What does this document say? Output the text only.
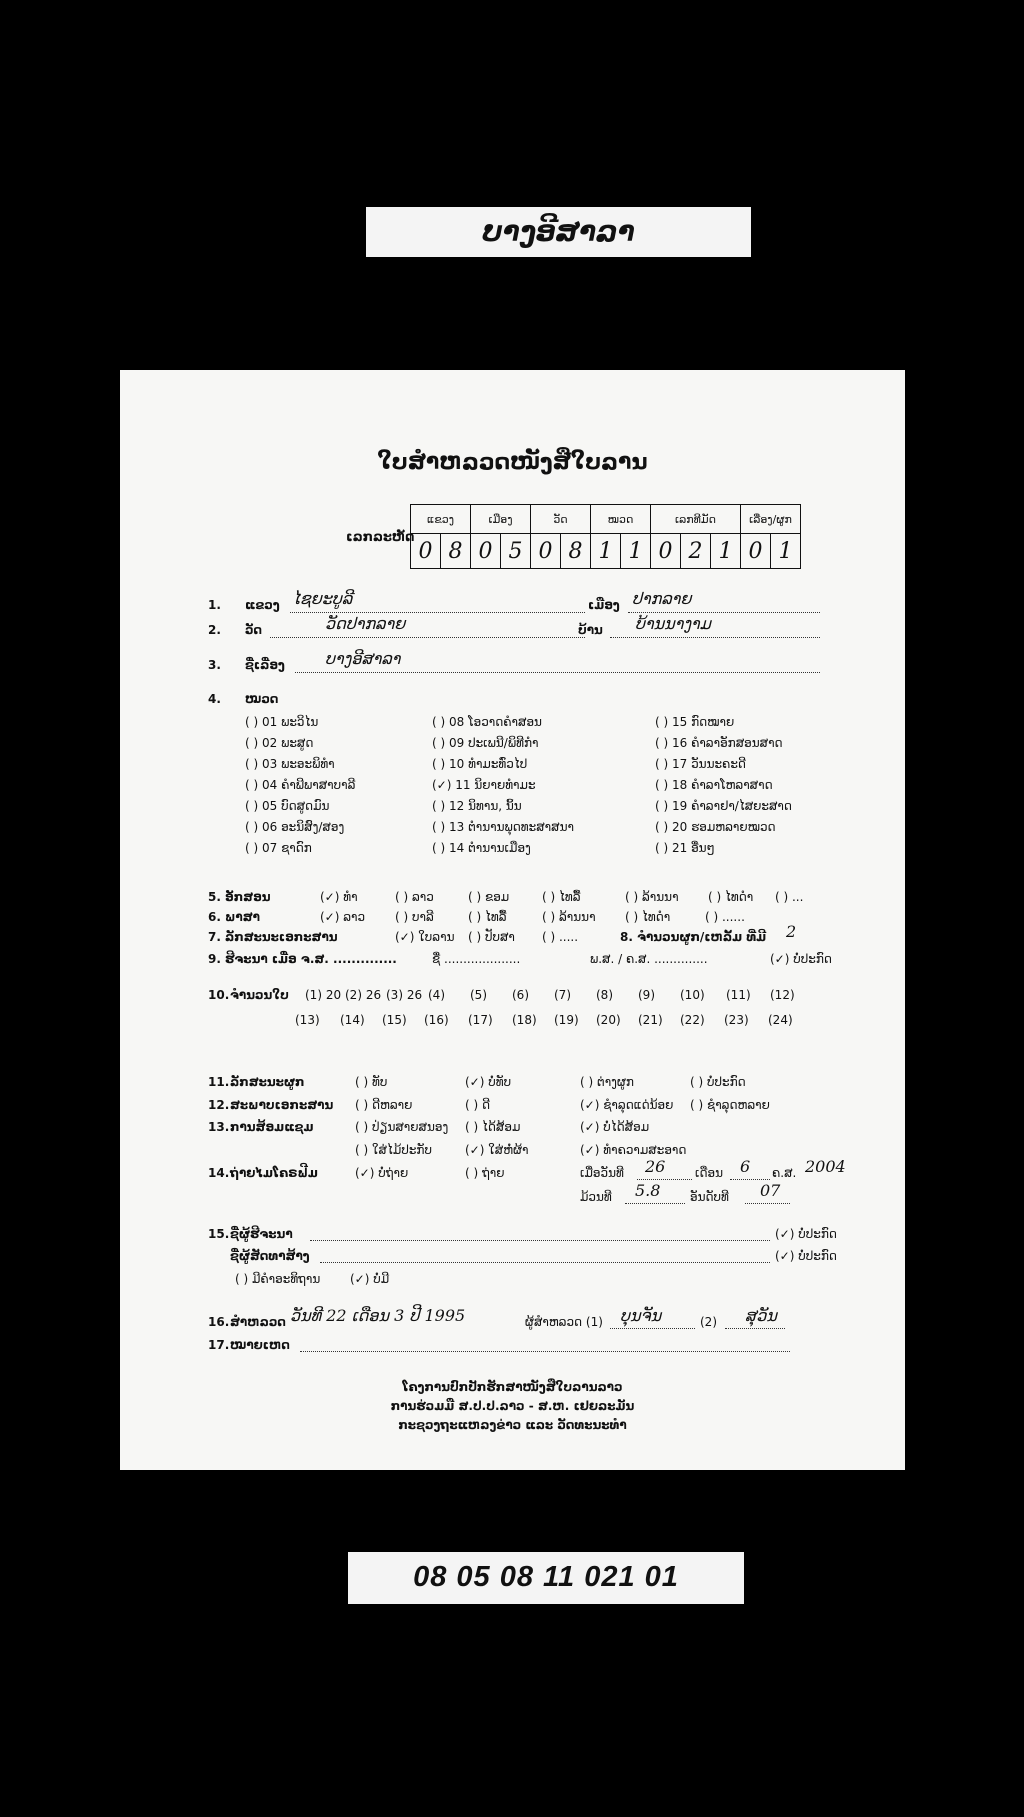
ບາງອີສາລາ
ໃບສຳຫລວດໜັງສືໃບລານ
ເລກລະຫັດ
ແຂວງ		ເມືອງ		ວັດ		ໝວດ		ເລກທີມັດ			ເລື່ອງ/ຜູກ	
0	8	0	5	0	8	1	1	0	2	1	0	1
1. ແຂວງ ໄຊຍະບູລີ	ເມືອງ ປາກລາຍ
2. ວັດ	ວັດປາກລາຍ	ບ້ານ ບ້ານນາງາມ
3. ຊື່ເລື່ອງ	ບາງອີສາລາ
4. ໝວດ
( ) 01 ພະວິໄນ
( ) 02 ພະສູດ
( ) 03 ພະອະພິທຳ
( ) 04 ຄຳພີພາສາບາລີ
( ) 05 ບົດສູດມົນ
( ) 06 ອະນິສົງ/ສອງ
( ) 07 ຊາດົກ
( ) 08 ໂອວາດຄຳສອນ
( ) 09 ປະເພນີ/ພິທີກຳ
( ) 10 ທຳມະທົ່ວໄປ
(✓) 11 ນິຍາຍທຳມະ
( ) 12 ນິທານ, ນິ້ນ
( ) 13 ຕຳນານພຸດທະສາສນາ
( ) 14 ຕຳນານເມືອງ
( ) 15 ກົດໝາຍ
( ) 16 ຄຳລາອັກສອນສາດ
( ) 17 ວັນນະຄະດີ
( ) 18 ຄຳລາໂຫລາສາດ
( ) 19 ຄຳລາຢາ/ໄສຍະສາດ
( ) 20 ຮອມຫລາຍໝວດ
( ) 21 ອື່ນໆ
5. ອັກສອນ	(✓) ທຳ	( ) ລາວ	( ) ຂອມ	( ) ໄທລື້	( ) ລ້ານນາ ( ) ໄທດຳ ( ) ...
6. ພາສາ	(✓) ລາວ ( ) ບາລີ	( ) ໄທລື້	( ) ລ້ານນາ ( ) ໄທດຳ	( ) ......
7. ລັກສະນະເອກະສານ	(✓) ໃບລານ ( ) ປັບສາ ( ) .....	8. ຈຳນວນຜູກ/ເຫລັ້ມ ທີ່ມີ 2
9. ຮີຈະນາ ເມື່ອ ຈ.ສ. ..............	ຊື່ ....................	ພ.ສ. / ຄ.ສ. ..............	(✓) ບໍ່ປະກົດ
10. ຈຳນວນໃບ (1) 20 (2) 26 (3) 26 (4) (5) (6) (7) (8) (9) (10) (11) (12)
(13) (14) (15) (16) (17) (18) (19) (20) (21) (22) (23) (24)
11. ລັກສະນະຜູກ	( ) ທັບ	(✓) ບໍ່ທັບ	( ) ຕ່າງຜູກ	( ) ບໍ່ປະກົດ
12. ສະພາບເອກະສານ ( ) ດີຫລາຍ	( ) ດີ	(✓) ຊຳລຸດແດ່ນ້ອຍ ( ) ຊຳລຸດຫລາຍ
13. ການສ້ອມແຊມ	( ) ປ່ຽນສາຍສນອງ ( ) ໄດ້ສ້ອມ	(✓) ບໍ່ໄດ້ສ້ອມ
( ) ໃສ່ໄມ້ປະກັບ	(✓) ໃສ່ຫໍ່ຜ້າ	(✓) ທຳຄວາມສະອາດ
14. ຖ່າຍໄມໂຄຣຟີມ	(✓) ບໍ່ຖ່າຍ	( ) ຖ່າຍ	ເມື່ອວັນທີ 26 ເດືອນ 6 ຄ.ສ. 2004
ມ້ວນທີ 5.8 ອັນດັບທີ 07
15. ຊື່ຜູ້ຮີຈະນາ	(✓) ບໍ່ປະກົດ
ຊື່ຜູ້ສັດທາສ້າງ	(✓) ບໍ່ປະກົດ
( ) ມີຄຳອະທິຖານ (✓) ບໍ່ມີ
16. ສຳຫລວດ ວັນທີ 22 ເດືອນ 3 ປີ 1995	ຜູ້ສຳຫລວດ (1) ບຸນຈັນ	(2) ສຸວັນ
17. ໝາຍເຫດ
ໂຄງການປົກປັກຮັກສາໜັງສືໃບລານລາວ
ການຮ່ວມມື ສ.ປ.ປ.ລາວ - ສ.ຫ. ເຢຍລະມັນ
ກະຊວງຖະແຫລງຂ່າວ ແລະ ວັດທະນະທຳ
08 05 08 11 021 01
